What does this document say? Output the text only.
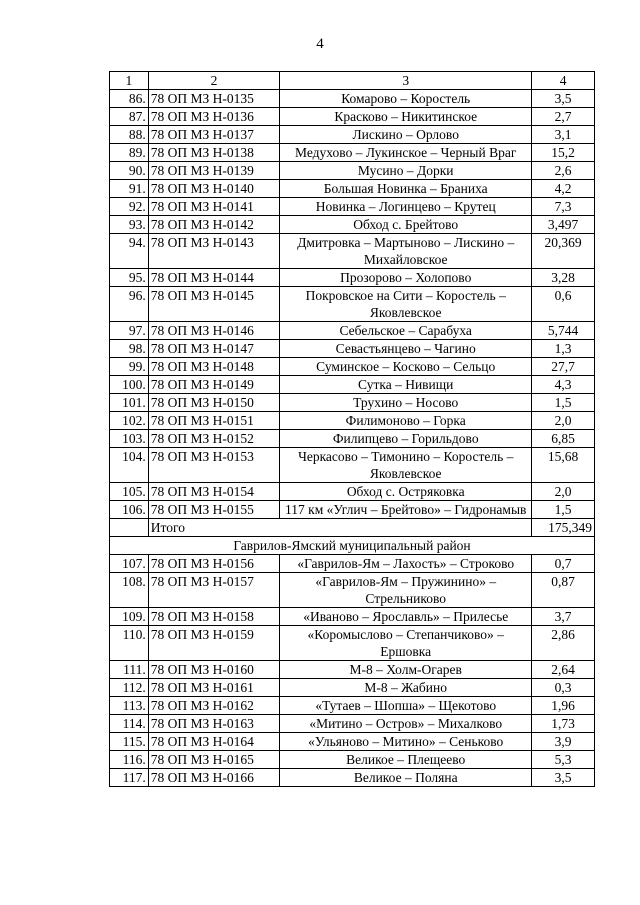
4
1	2	3	4
86.	78 ОП МЗ Н-0135	Комарово – Коростель	3,5
87.	78 ОП МЗ Н-0136	Красково – Никитинское	2,7
88.	78 ОП МЗ Н-0137	Лискино – Орлово	3,1
89.	78 ОП МЗ Н-0138	Медухово – Лукинское – Черный Враг	15,2
90.	78 ОП МЗ Н-0139	Мусино – Дорки	2,6
91.	78 ОП МЗ Н-0140	Большая Новинка – Браниха	4,2
92.	78 ОП МЗ Н-0141	Новинка – Логинцево – Крутец	7,3
93.	78 ОП МЗ Н-0142	Обход с. Брейтово	3,497
94.	78 ОП МЗ Н-0143	Дмитровка – Мартыново – Лискино – Михайловское	20,369
95.	78 ОП МЗ Н-0144	Прозорово – Холопово	3,28
96.	78 ОП МЗ Н-0145	Покровское на Сити – Коростель – Яковлевское	0,6
97.	78 ОП МЗ Н-0146	Себельское – Сарабуха	5,744
98.	78 ОП МЗ Н-0147	Севастьянцево – Чагино	1,3
99.	78 ОП МЗ Н-0148	Суминское – Косково – Сельцо	27,7
100.	78 ОП МЗ Н-0149	Сутка – Нивищи	4,3
101.	78 ОП МЗ Н-0150	Трухино – Носово	1,5
102.	78 ОП МЗ Н-0151	Филимоново – Горка	2,0
103.	78 ОП МЗ Н-0152	Филипцево – Горильдово	6,85
104.	78 ОП МЗ Н-0153	Черкасово – Тимонино – Коростель – Яковлевское	15,68
105.	78 ОП МЗ Н-0154	Обход с. Остряковка	2,0
106.	78 ОП МЗ Н-0155	117 км «Углич – Брейтово» – Гидронамыв	1,5
	Итого		175,349
Гаврилов-Ямский муниципальный район			
107.	78 ОП МЗ Н-0156	«Гаврилов-Ям – Лахость» – Строково	0,7
108.	78 ОП МЗ Н-0157	«Гаврилов-Ям – Пружинино» – Стрельниково	0,87
109.	78 ОП МЗ Н-0158	«Иваново – Ярославль» – Прилесье	3,7
110.	78 ОП МЗ Н-0159	«Коромыслово – Степанчиково» – Ершовка	2,86
111.	78 ОП МЗ Н-0160	М-8 – Холм-Огарев	2,64
112.	78 ОП МЗ Н-0161	М-8 – Жабино	0,3
113.	78 ОП МЗ Н-0162	«Тутаев – Шопша» – Щекотово	1,96
114.	78 ОП МЗ Н-0163	«Митино – Остров» – Михалково	1,73
115.	78 ОП МЗ Н-0164	«Ульяново – Митино» – Сеньково	3,9
116.	78 ОП МЗ Н-0165	Великое – Плещеево	5,3
117.	78 ОП МЗ Н-0166	Великое – Поляна	3,5
